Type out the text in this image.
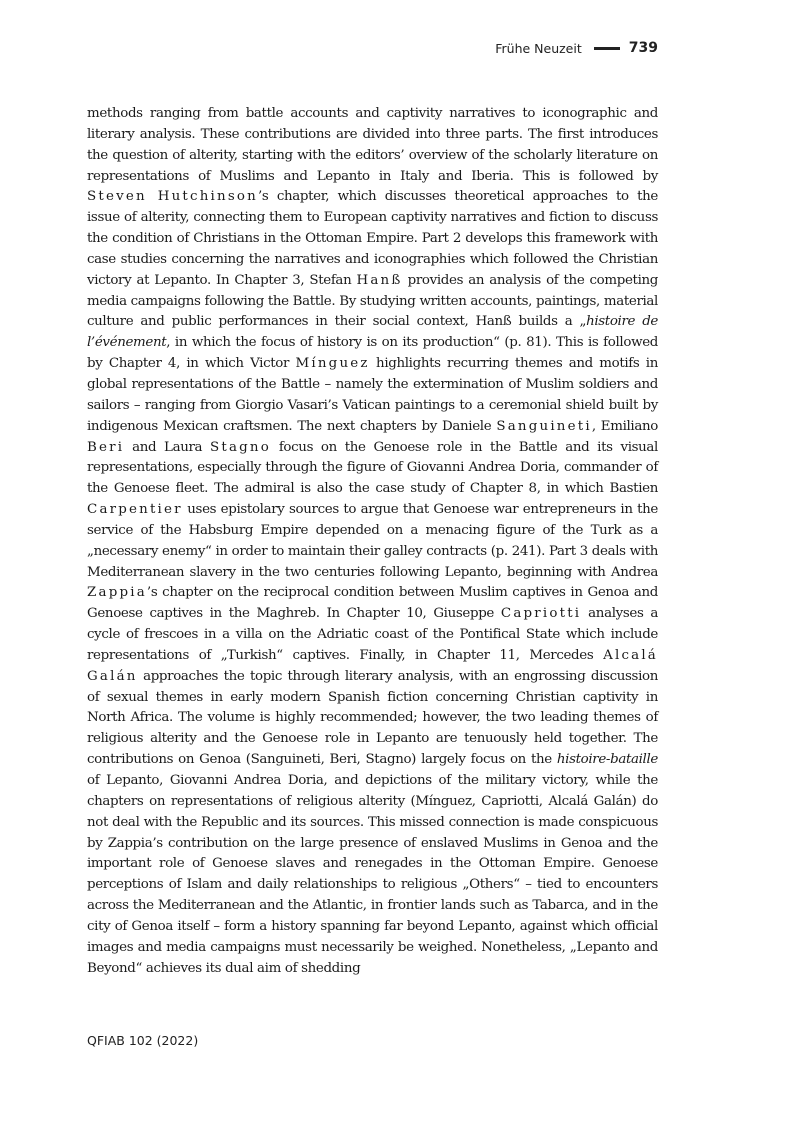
Frühe Neuzeit	739

methods ranging from battle accounts and captivity narratives to iconographic and literary analysis. These contributions are divided into three parts. The first introduces the question of alterity, starting with the editors’ overview of the scholarly literature on representations of Muslims and Lepanto in Italy and Iberia. This is followed by Steven Hutchinson’s chapter, which discusses theoretical approaches to the issue of alterity, connecting them to European captivity narratives and fiction to discuss the condition of Christians in the Ottoman Empire. Part 2 develops this framework with case studies concerning the narratives and iconographies which followed the Christian victory at Lepanto. In Chapter 3, Stefan Hanß provides an analysis of the competing media campaigns following the Battle. By studying written accounts, paintings, material culture and public performances in their social context, Hanß builds a „histoire de l’événement, in which the focus of history is on its production“ (p. 81). This is followed by Chapter 4, in which Victor Mínguez highlights recurring themes and motifs in global representations of the Battle – namely the extermination of Muslim soldiers and sailors – ranging from Giorgio Vasari’s Vatican paintings to a ceremonial shield built by indigenous Mexican craftsmen. The next chapters by Daniele Sanguineti, Emiliano Beri and Laura Stagno focus on the Genoese role in the Battle and its visual representations, especially through the figure of Giovanni Andrea Doria, commander of the Genoese fleet. The admiral is also the case study of Chapter 8, in which Bastien Carpentier uses epistolary sources to argue that Genoese war entrepreneurs in the service of the Habsburg Empire depended on a menacing figure of the Turk as a „necessary enemy“ in order to maintain their galley contracts (p. 241). Part 3 deals with Mediterranean slavery in the two centuries following Lepanto, beginning with Andrea Zappia’s chapter on the reciprocal condition between Muslim captives in Genoa and Genoese captives in the Maghreb. In Chapter 10, Giuseppe Capriotti analyses a cycle of frescoes in a villa on the Adriatic coast of the Pontifical State which include representations of „Turkish“ captives. Finally, in Chapter 11, Mercedes Alcalá Galán approaches the topic through literary analysis, with an engrossing discussion of sexual themes in early modern Spanish fiction concerning Christian captivity in North Africa. The volume is highly recommended; however, the two leading themes of religious alterity and the Genoese role in Lepanto are tenuously held together. The contributions on Genoa (Sanguineti, Beri, Stagno) largely focus on the histoire-bataille of Lepanto, Giovanni Andrea Doria, and depictions of the military victory, while the chapters on representations of religious alterity (Mínguez, Capriotti, Alcalá Galán) do not deal with the Republic and its sources. This missed connection is made conspicuous by Zappia’s contribution on the large presence of enslaved Muslims in Genoa and the important role of Genoese slaves and renegades in the Ottoman Empire. Genoese perceptions of Islam and daily relationships to religious „Others“ – tied to encounters across the Mediterranean and the Atlantic, in frontier lands such as Tabarca, and in the city of Genoa itself – form a history spanning far beyond Lepanto, against which official images and media campaigns must necessarily be weighed. Nonetheless, „Lepanto and Beyond“ achieves its dual aim of shedding

QFIAB 102 (2022)
